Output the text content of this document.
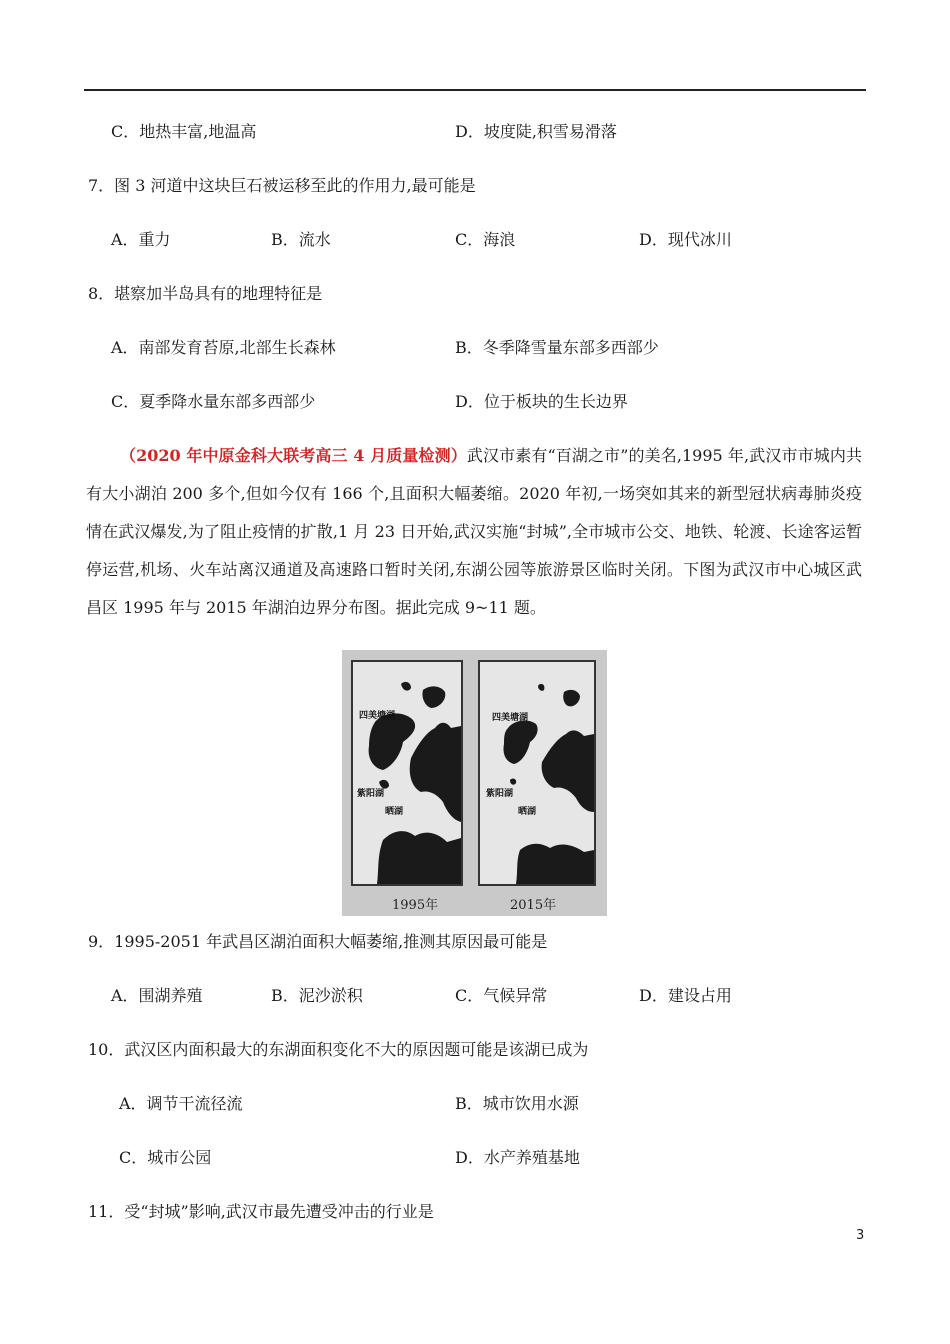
C．地热丰富,地温高	D．坡度陡,积雪易滑落
7．图 3 河道中这块巨石被运移至此的作用力,最可能是
A．重力	B．流水	C．海浪	D．现代冰川
8．堪察加半岛具有的地理特征是
A．南部发育苔原,北部生长森林	B．冬季降雪量东部多西部少
C．夏季降水量东部多西部少	D．位于板块的生长边界
（2020 年中原金科大联考高三 4 月质量检测）武汉市素有“百湖之市”的美名,1995 年,武汉市市城内共有大小湖泊 200 多个,但如今仅有 166 个,且面积大幅萎缩。2020 年初,一场突如其来的新型冠状病毒肺炎疫情在武汉爆发,为了阻止疫情的扩散,1 月 23 日开始,武汉实施“封城”,全市城市公交、地铁、轮渡、长途客运暂停运营,机场、火车站离汉通道及高速路口暂时关闭,东湖公园等旅游景区临时关闭。下图为武汉市中心城区武昌区 1995 年与 2015 年湖泊边界分布图。据此完成 9~11 题。
四美塘湖
紫阳湖
晒湖
四美塘湖
紫阳湖
晒湖
1995年	2015年
9．1995-2051 年武昌区湖泊面积大幅萎缩,推测其原因最可能是
A．围湖养殖	B．泥沙淤积	C．气候异常	D．建设占用
10．武汉区内面积最大的东湖面积变化不大的原因题可能是该湖已成为
A．调节干流径流	B．城市饮用水源
C．城市公园	D．水产养殖基地
11．受“封城”影响,武汉市最先遭受冲击的行业是
3
